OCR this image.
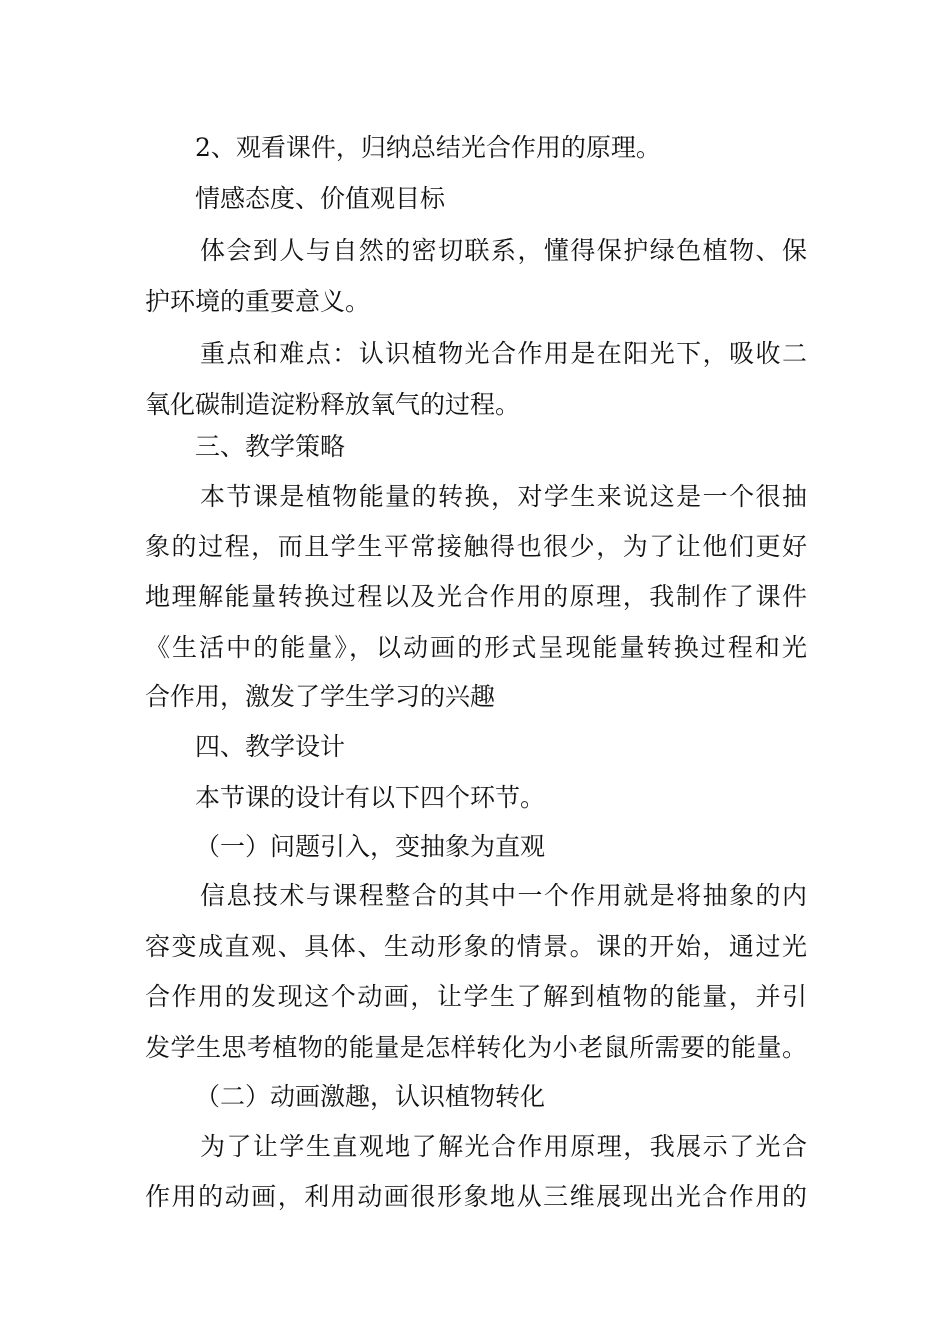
2、观看课件，归纳总结光合作用的原理。
情感态度、价值观目标
体会到人与自然的密切联系，懂得保护绿色植物、保
护环境的重要意义。
重点和难点：认识植物光合作用是在阳光下，吸收二
氧化碳制造淀粉释放氧气的过程。
三、教学策略
本节课是植物能量的转换，对学生来说这是一个很抽
象的过程，而且学生平常接触得也很少，为了让他们更好
地理解能量转换过程以及光合作用的原理，我制作了课件
《生活中的能量》，以动画的形式呈现能量转换过程和光
合作用，激发了学生学习的兴趣
四、教学设计
本节课的设计有以下四个环节。
（一）问题引入，变抽象为直观
信息技术与课程整合的其中一个作用就是将抽象的内
容变成直观、具体、生动形象的情景。课的开始，通过光
合作用的发现这个动画，让学生了解到植物的能量，并引
发学生思考植物的能量是怎样转化为小老鼠所需要的能量。
（二）动画激趣，认识植物转化
为了让学生直观地了解光合作用原理，我展示了光合
作用的动画，利用动画很形象地从三维展现出光合作用的
